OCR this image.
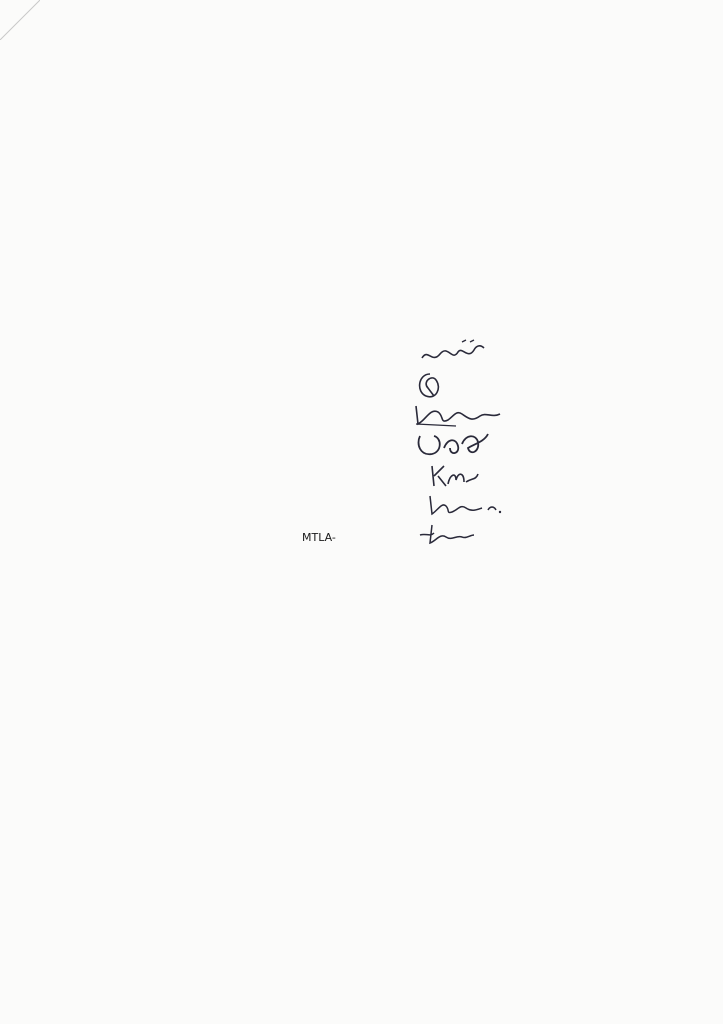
MTLA-
